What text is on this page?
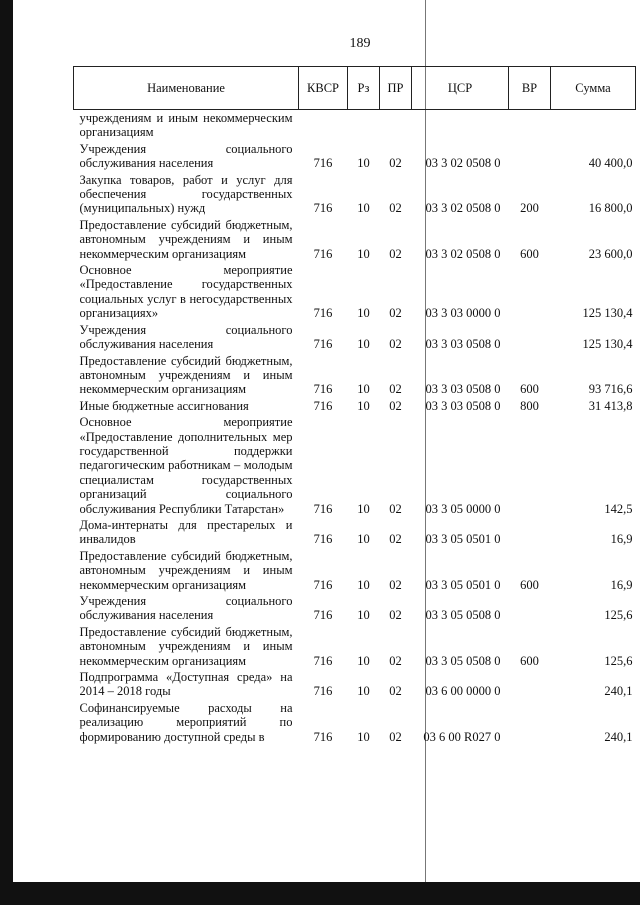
189
Наименование	КВСР	Рз	ПР	ЦСР	ВР	Сумма
учреждениям и иным некоммерческим организациям						
Учреждения социального обслуживания населения	716	10	02	03 3 02 0508 0		40 400,0
Закупка товаров, работ и услуг для обеспечения государственных (муниципальных) нужд	716	10	02	03 3 02 0508 0	200	16 800,0
Предоставление субсидий бюджетным, автономным учреждениям и иным некоммерческим организациям	716	10	02	03 3 02 0508 0	600	23 600,0
Основное мероприятие «Предоставление государственных социальных услуг в негосударственных организациях»	716	10	02	03 3 03 0000 0		125 130,4
Учреждения социального обслуживания населения	716	10	02	03 3 03 0508 0		125 130,4
Предоставление субсидий бюджетным, автономным учреждениям и иным некоммерческим организациям	716	10	02	03 3 03 0508 0	600	93 716,6
Иные бюджетные ассигнования	716	10	02	03 3 03 0508 0	800	31 413,8
Основное мероприятие «Предоставление дополнительных мер государственной поддержки педагогическим работникам – молодым специалистам государственных организаций социального обслуживания Республики Татарстан»	716	10	02	03 3 05 0000 0		142,5
Дома-интернаты для престарелых и инвалидов	716	10	02	03 3 05 0501 0		16,9
Предоставление субсидий бюджетным, автономным учреждениям и иным некоммерческим организациям	716	10	02	03 3 05 0501 0	600	16,9
Учреждения социального обслуживания населения	716	10	02	03 3 05 0508 0		125,6
Предоставление субсидий бюджетным, автономным учреждениям и иным некоммерческим организациям	716	10	02	03 3 05 0508 0	600	125,6
Подпрограмма «Доступная среда» на 2014 – 2018 годы	716	10	02	03 6 00 0000 0		240,1
Софинансируемые расходы на реализацию мероприятий по формированию доступной среды в	716	10	02	03 6 00 R027 0		240,1
